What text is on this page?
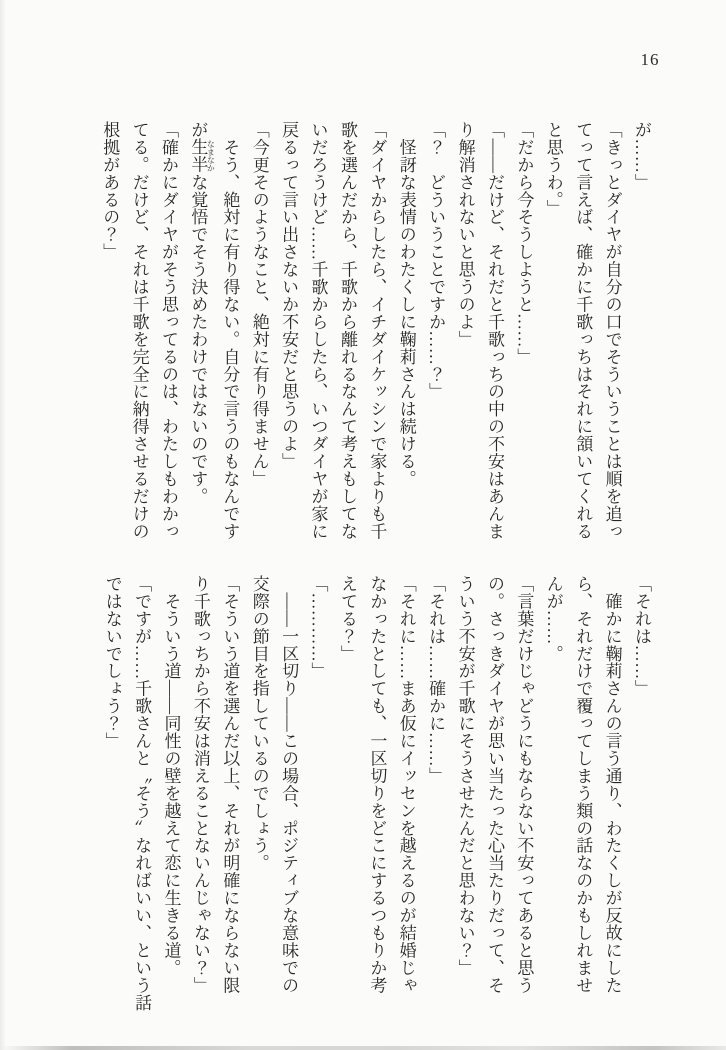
16

が……」

「きっとダイヤが自分の口でそういうことは順を追っ

てって言えば、確かに千歌っちはそれに頷いてくれる

と思うわ。」

「だから今そうしようと……」

「――だけど、それだと千歌っちの中の不安はあんま

り解消されないと思うのよ」

「？　どういうことですか……？」

　怪訝な表情のわたくしに鞠莉さんは続ける。

「ダイヤからしたら、イチダイケッシンで家よりも千

歌を選んだから、千歌から離れるなんて考えもしてな

いだろうけど……千歌からしたら、いつダイヤが家に

戻るって言い出さないか不安だと思うのよ」

「今更そのようなこと、絶対に有り得ません」

　そう、絶対に有り得ない。自分で言うのもなんです

が生半 なまなかな覚悟でそう決めたわけではないのです。

「確かにダイヤがそう思ってるのは、わたしもわかっ

てる。だけど、それは千歌を完全に納得させるだけの

根拠があるの？」

「それは……」

　確かに鞠莉さんの言う通り、わたくしが反故にした

ら、それだけで覆ってしまう類の話なのかもしれませ

んが……。

「言葉だけじゃどうにもならない不安ってあると思う

の。さっきダイヤが思い当たった心当たりだって、そ

ういう不安が千歌にそうさせたんだと思わない？」

「それは……確かに……」

「それに……まあ仮にイッセンを越えるのが結婚じゃ

なかったとしても、一区切りをどこにするつもりか考

えてる？」

「…………」

　――一区切り――この場合、ポジティブな意味での

交際の節目を指しているのでしょう。

「そういう道を選んだ以上、それが明確にならない限

り千歌っちから不安は消えることないんじゃない？」

　そういう道――同性の壁を越えて恋に生きる道。

「ですが……千歌さんと〝そう〟なればいい、という話

ではないでしょう？」
